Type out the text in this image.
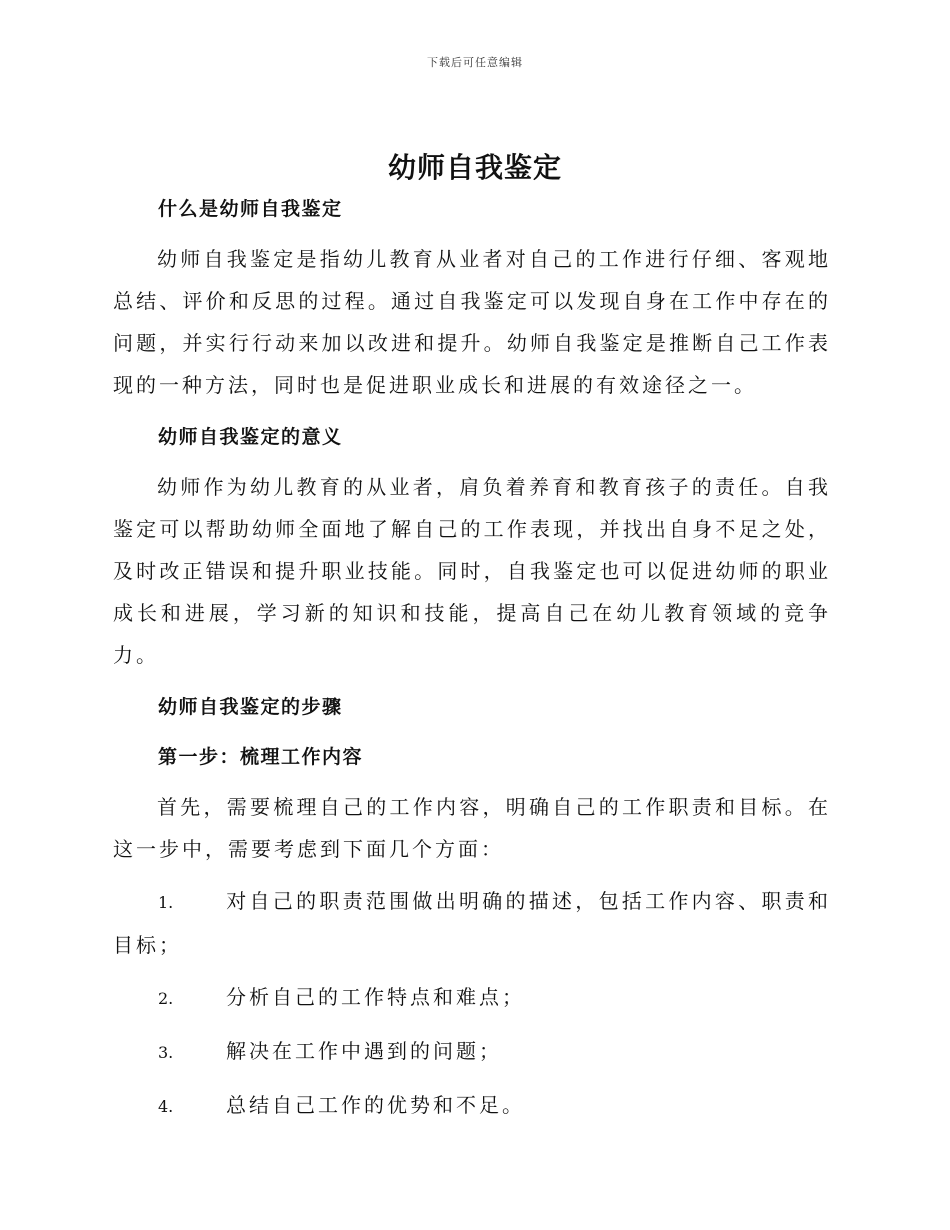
下载后可任意编辑
幼师自我鉴定

什么是幼师自我鉴定

幼师自我鉴定是指幼儿教育从业者对自己的工作进行仔细、客观地总结、评价和反思的过程。通过自我鉴定可以发现自身在工作中存在的问题，并实行行动来加以改进和提升。幼师自我鉴定是推断自己工作表现的一种方法，同时也是促进职业成长和进展的有效途径之一。

幼师自我鉴定的意义

幼师作为幼儿教育的从业者，肩负着养育和教育孩子的责任。自我鉴定可以帮助幼师全面地了解自己的工作表现，并找出自身不足之处，及时改正错误和提升职业技能。同时，自我鉴定也可以促进幼师的职业成长和进展，学习新的知识和技能，提高自己在幼儿教育领域的竞争力。

幼师自我鉴定的步骤

第一步：梳理工作内容

首先，需要梳理自己的工作内容，明确自己的工作职责和目标。在这一步中，需要考虑到下面几个方面：

1.	对自己的职责范围做出明确的描述，包括工作内容、职责和目标；

2.	分析自己的工作特点和难点；

3.	解决在工作中遇到的问题；

4.	总结自己工作的优势和不足。
